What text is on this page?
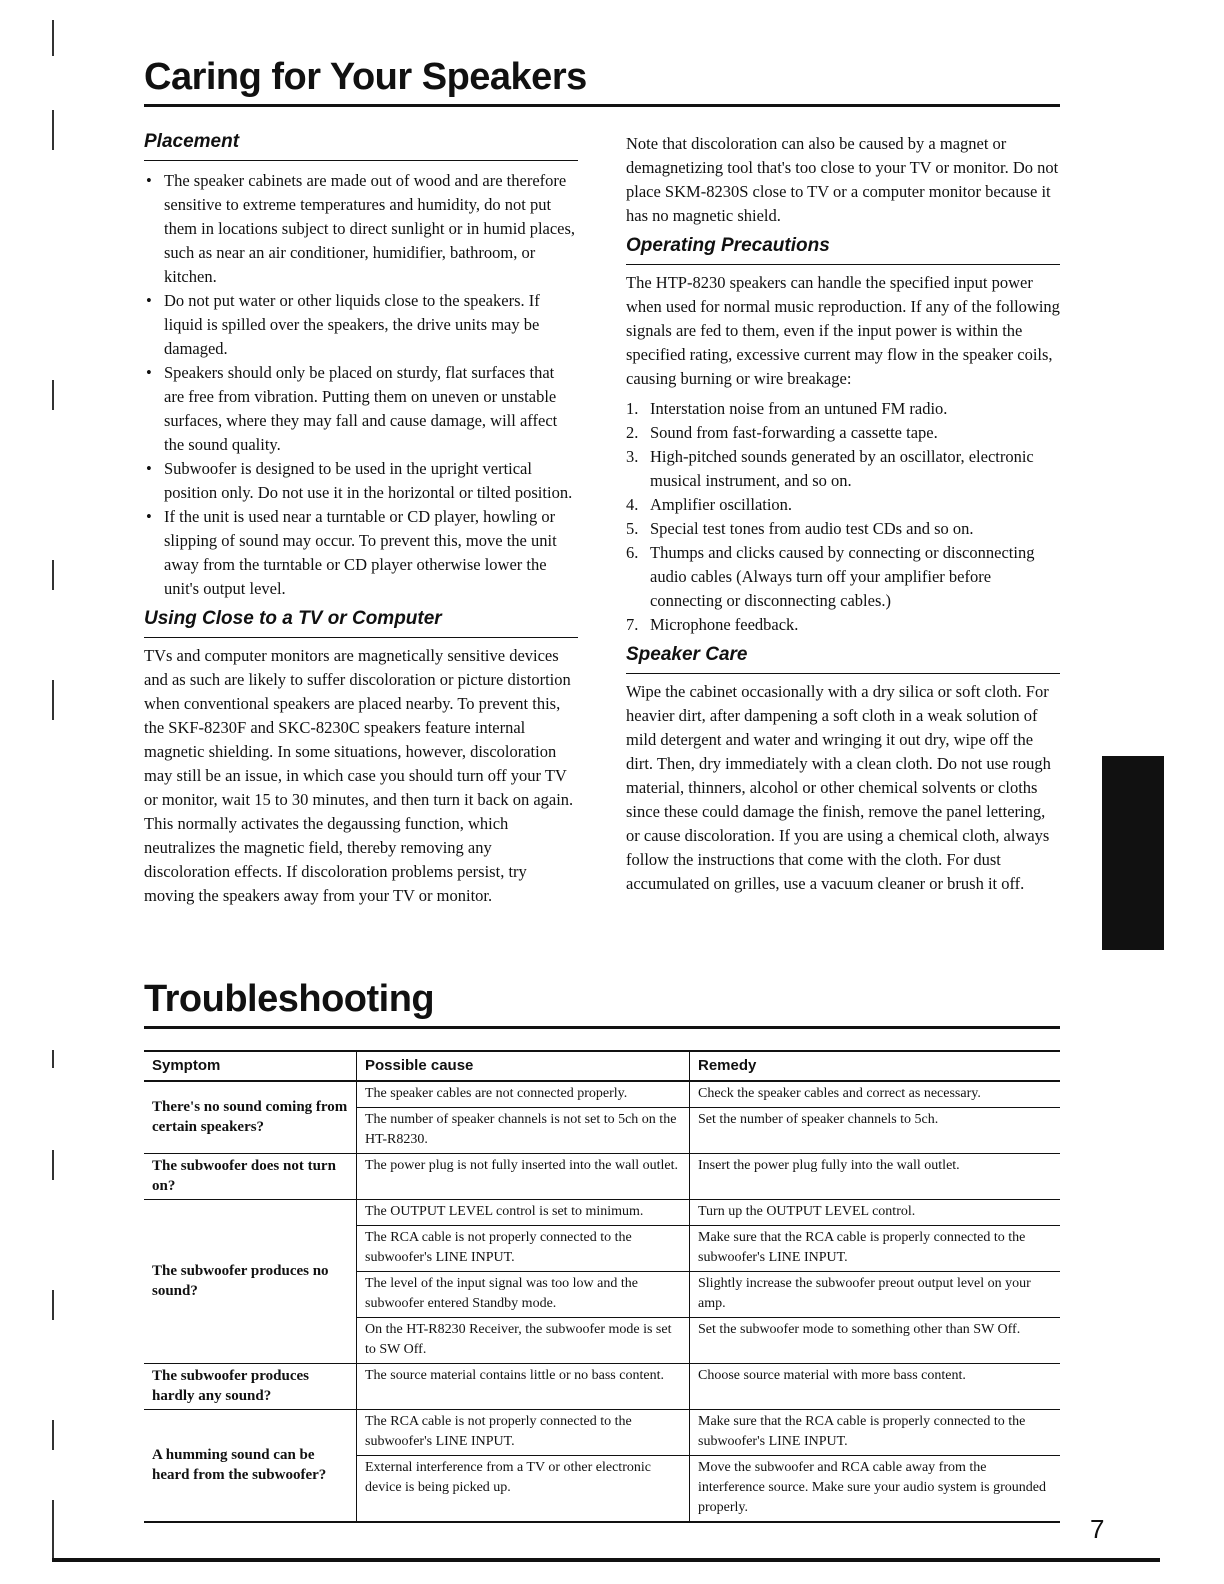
Caring for Your Speakers
Placement
• The speaker cabinets are made out of wood and are therefore sensitive to extreme temperatures and humidity, do not put them in locations subject to direct sunlight or in humid places, such as near an air conditioner, humidifier, bathroom, or kitchen.
• Do not put water or other liquids close to the speakers. If liquid is spilled over the speakers, the drive units may be damaged.
• Speakers should only be placed on sturdy, flat surfaces that are free from vibration. Putting them on uneven or unstable surfaces, where they may fall and cause damage, will affect the sound quality.
• Subwoofer is designed to be used in the upright vertical position only. Do not use it in the horizontal or tilted position.
• If the unit is used near a turntable or CD player, howling or slipping of sound may occur. To prevent this, move the unit away from the turntable or CD player otherwise lower the unit's output level.
Using Close to a TV or Computer

TVs and computer monitors are magnetically sensitive devices and as such are likely to suffer discoloration or picture distortion when conventional speakers are placed nearby. To prevent this, the SKF-8230F and SKC-8230C speakers feature internal magnetic shielding. In some situations, however, discoloration may still be an issue, in which case you should turn off your TV or monitor, wait 15 to 30 minutes, and then turn it back on again. This normally activates the degaussing function, which neutralizes the magnetic field, thereby removing any discoloration effects. If discoloration problems persist, try moving the speakers away from your TV or monitor.

Note that discoloration can also be caused by a magnet or demagnetizing tool that's too close to your TV or monitor. Do not place SKM-8230S close to TV or a computer monitor because it has no magnetic shield.

Operating Precautions

The HTP-8230 speakers can handle the specified input power when used for normal music reproduction. If any of the following signals are fed to them, even if the input power is within the specified rating, excessive current may flow in the speaker coils, causing burning or wire breakage:

1. Interstation noise from an untuned FM radio.
2. Sound from fast-forwarding a cassette tape.
3. High-pitched sounds generated by an oscillator, electronic musical instrument, and so on.
4. Amplifier oscillation.
5. Special test tones from audio test CDs and so on.
6. Thumps and clicks caused by connecting or disconnecting audio cables (Always turn off your amplifier before connecting or disconnecting cables.)
7. Microphone feedback.
Speaker Care

Wipe the cabinet occasionally with a dry silica or soft cloth. For heavier dirt, after dampening a soft cloth in a weak solution of mild detergent and water and wringing it out dry, wipe off the dirt. Then, dry immediately with a clean cloth. Do not use rough material, thinners, alcohol or other chemical solvents or cloths since these could damage the finish, remove the panel lettering, or cause discoloration. If you are using a chemical cloth, always follow the instructions that come with the cloth. For dust accumulated on grilles, use a vacuum cleaner or brush it off.

Troubleshooting
Symptom	Possible cause	Remedy
There's no sound coming from certain speakers?	The speaker cables are not connected properly.	Check the speaker cables and correct as necessary.
	The number of speaker channels is not set to 5ch on the HT-R8230.	Set the number of speaker channels to 5ch.
The subwoofer does not turn on?	The power plug is not fully inserted into the wall outlet.	Insert the power plug fully into the wall outlet.
The subwoofer produces no sound?	The OUTPUT LEVEL control is set to minimum.	Turn up the OUTPUT LEVEL control.
	The RCA cable is not properly connected to the subwoofer's LINE INPUT.	Make sure that the RCA cable is properly connected to the subwoofer's LINE INPUT.
	The level of the input signal was too low and the subwoofer entered Standby mode.	Slightly increase the subwoofer preout output level on your amp.
	On the HT-R8230 Receiver, the subwoofer mode is set to SW Off.	Set the subwoofer mode to something other than SW Off.
The subwoofer produces hardly any sound?	The source material contains little or no bass content.	Choose source material with more bass content.
A humming sound can be heard from the subwoofer?	The RCA cable is not properly connected to the subwoofer's LINE INPUT.	Make sure that the RCA cable is properly connected to the subwoofer's LINE INPUT.
	External interference from a TV or other electronic device is being picked up.	Move the subwoofer and RCA cable away from the interference source. Make sure your audio system is grounded properly.
7
